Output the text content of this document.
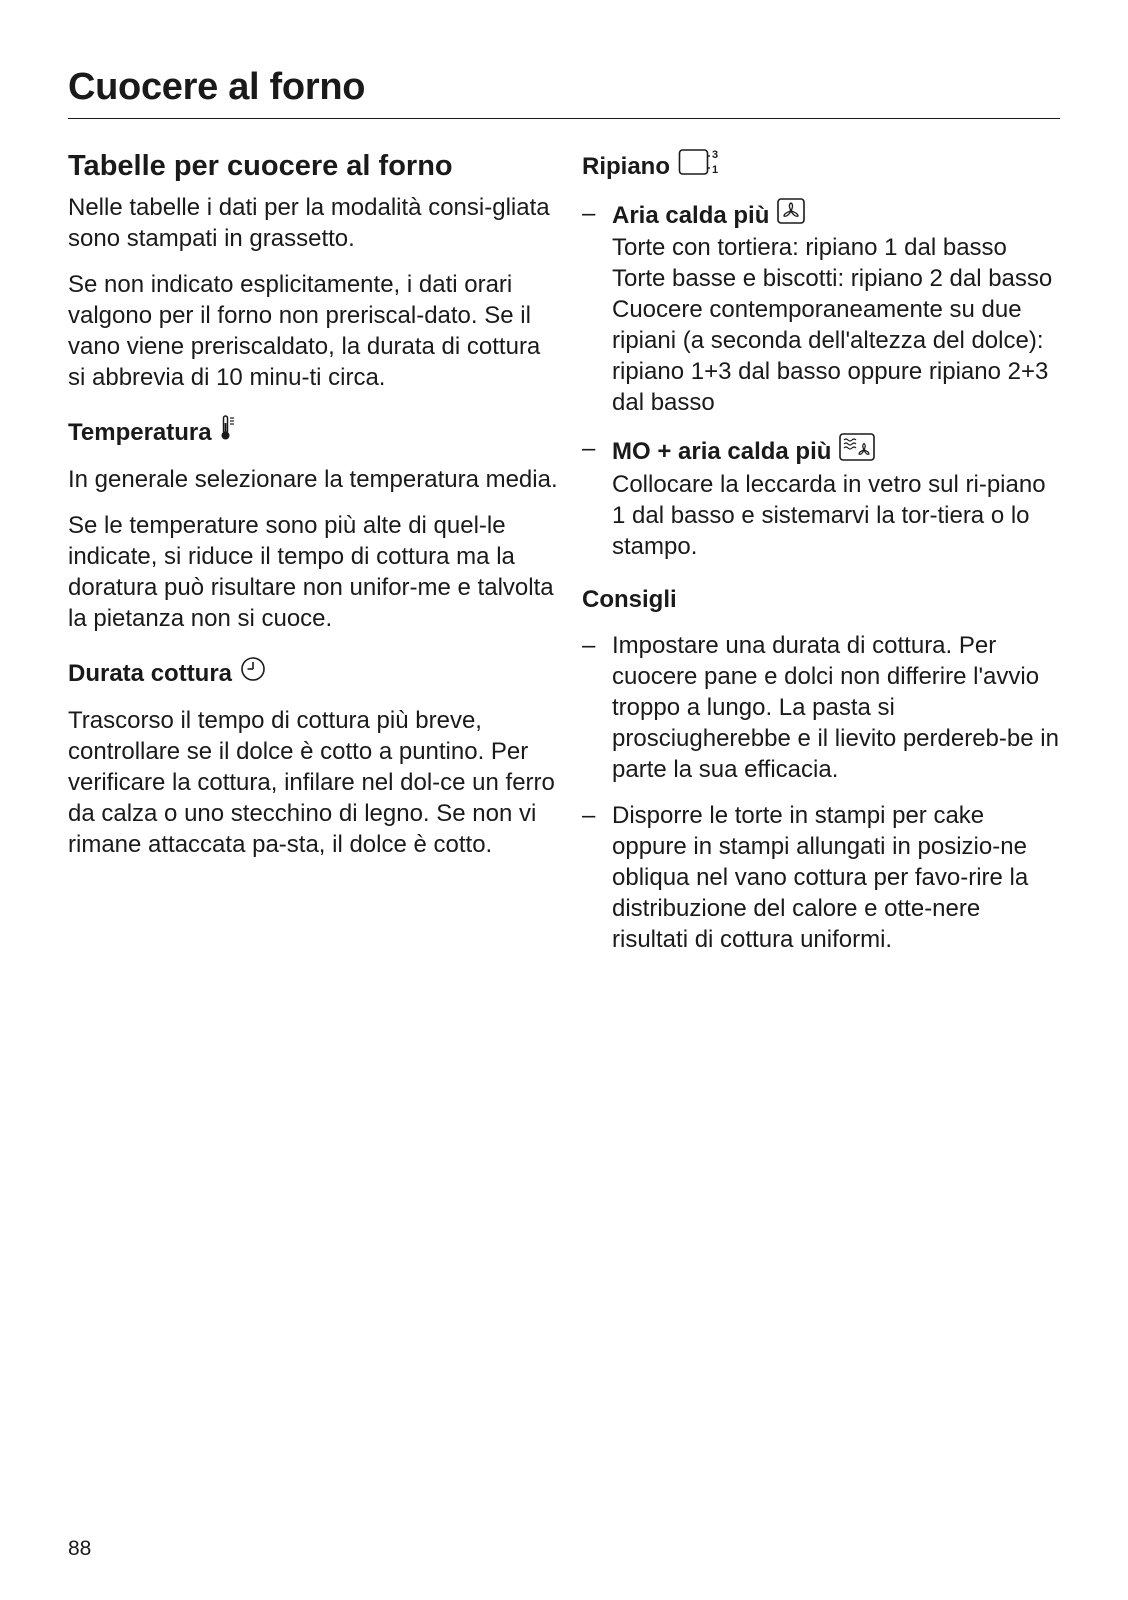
Cuocere al forno
Tabelle per cuocere al forno

Nelle tabelle i dati per la modalità consi-gliata sono stampati in grassetto.

Se non indicato esplicitamente, i dati orari valgono per il forno non preriscal-dato. Se il vano viene preriscaldato, la durata di cottura si abbrevia di 10 minu-ti circa.

Temperatura

In generale selezionare la temperatura media.

Se le temperature sono più alte di quel-le indicate, si riduce il tempo di cottura ma la doratura può risultare non unifor-me e talvolta la pietanza non si cuoce.

Durata cottura

Trascorso il tempo di cottura più breve, controllare se il dolce è cotto a puntino. Per verificare la cottura, infilare nel dol-ce un ferro da calza o uno stecchino di legno. Se non vi rimane attaccata pa-sta, il dolce è cotto.

Ripiano	3
1
– Aria calda più
Torte con tortiera: ripiano 1 dal basso
Torte basse e biscotti: ripiano 2 dal basso
Cuocere contemporaneamente su due ripiani (a seconda dell'altezza del dolce):
ripiano 1+3 dal basso oppure ripiano 2+3 dal basso
– MO + aria calda più
Collocare la leccarda in vetro sul ri-piano 1 dal basso e sistemarvi la tor-tiera o lo stampo.
Consigli
– Impostare una durata di cottura. Per cuocere pane e dolci non differire l'avvio troppo a lungo. La pasta si prosciugherebbe e il lievito perdereb-be in parte la sua efficacia.
– Disporre le torte in stampi per cake oppure in stampi allungati in posizio-ne obliqua nel vano cottura per favo-rire la distribuzione del calore e otte-nere risultati di cottura uniformi.
88
